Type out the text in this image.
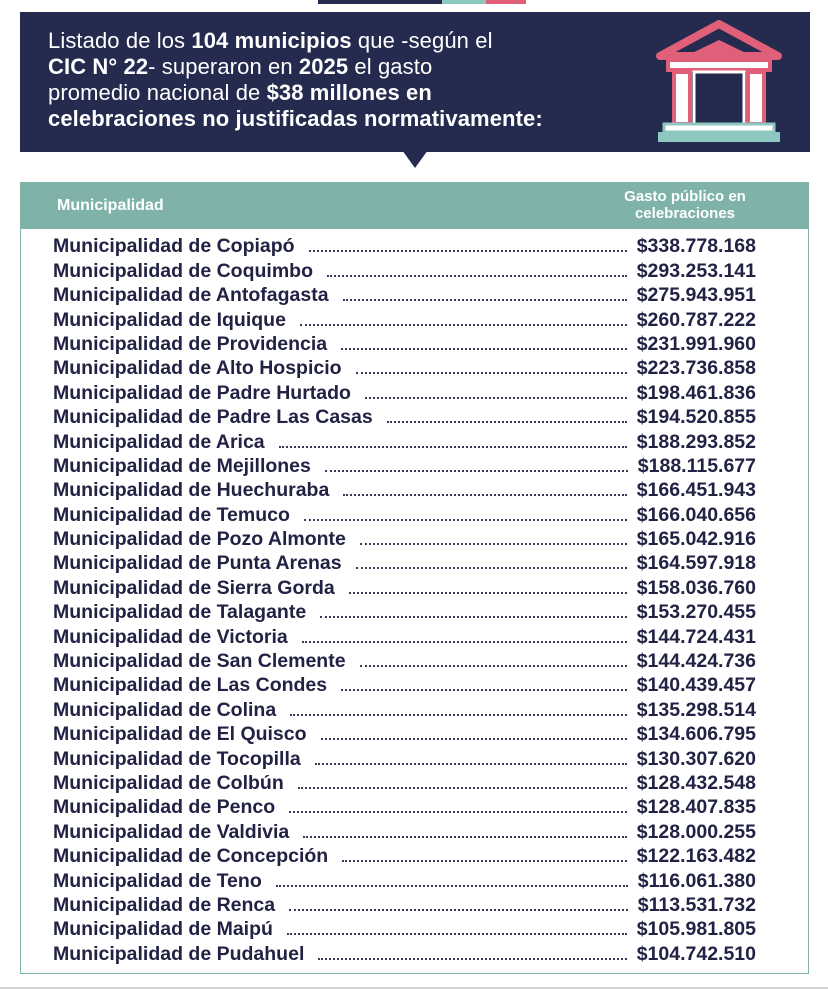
Listado de los 104 municipios que -según el
CIC N° 22- superaron en 2025 el gasto
promedio nacional de $38 millones en
celebraciones no justificadas normativamente:
Municipalidad
Gasto público en celebraciones
Municipalidad de Copiapó	$338.778.168
Municipalidad de Coquimbo	$293.253.141
Municipalidad de Antofagasta	$275.943.951
Municipalidad de Iquique	$260.787.222
Municipalidad de Providencia	$231.991.960
Municipalidad de Alto Hospicio	$223.736.858
Municipalidad de Padre Hurtado	$198.461.836
Municipalidad de Padre Las Casas	$194.520.855
Municipalidad de Arica	$188.293.852
Municipalidad de Mejillones	$188.115.677
Municipalidad de Huechuraba	$166.451.943
Municipalidad de Temuco	$166.040.656
Municipalidad de Pozo Almonte	$165.042.916
Municipalidad de Punta Arenas	$164.597.918
Municipalidad de Sierra Gorda	$158.036.760
Municipalidad de Talagante	$153.270.455
Municipalidad de Victoria	$144.724.431
Municipalidad de San Clemente	$144.424.736
Municipalidad de Las Condes	$140.439.457
Municipalidad de Colina	$135.298.514
Municipalidad de El Quisco	$134.606.795
Municipalidad de Tocopilla	$130.307.620
Municipalidad de Colbún	$128.432.548
Municipalidad de Penco	$128.407.835
Municipalidad de Valdivia	$128.000.255
Municipalidad de Concepción	$122.163.482
Municipalidad de Teno	$116.061.380
Municipalidad de Renca	$113.531.732
Municipalidad de Maipú	$105.981.805
Municipalidad de Pudahuel	$104.742.510
